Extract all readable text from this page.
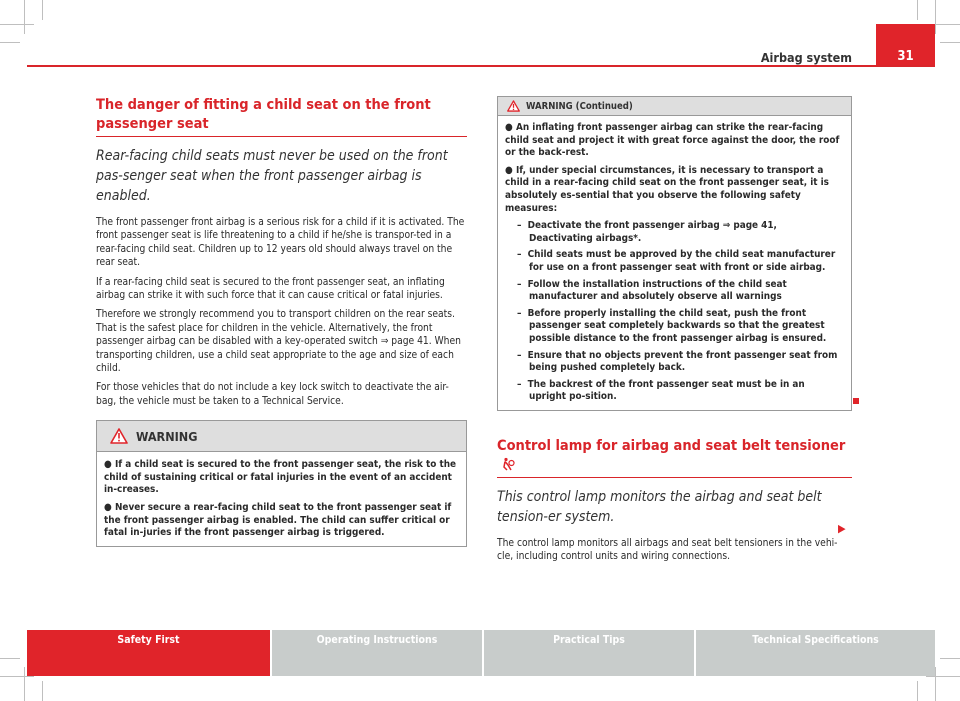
Airbag system	31
The danger of fitting a child seat on the front passenger seat
Rear-facing child seats must never be used on the front pas-senger seat when the front passenger airbag is enabled.

The front passenger front airbag is a serious risk for a child if it is activated. The front passenger seat is life threatening to a child if he/she is transpor-ted in a rear-facing child seat. Children up to 12 years old should always travel on the rear seat.

If a rear-facing child seat is secured to the front passenger seat, an inflating airbag can strike it with such force that it can cause critical or fatal injuries.

Therefore we strongly recommend you to transport children on the rear seats. That is the safest place for children in the vehicle. Alternatively, the front passenger airbag can be disabled with a key-operated switch ⇒ page 41. When transporting children, use a child seat appropriate to the age and size of each child.

For those vehicles that do not include a key lock switch to deactivate the air-bag, the vehicle must be taken to a Technical Service.

WARNING
● If a child seat is secured to the front passenger seat, the risk to the child of sustaining critical or fatal injuries in the event of an accident in-creases.
● Never secure a rear-facing child seat to the front passenger seat if the front passenger airbag is enabled. The child can suffer critical or fatal in-juries if the front passenger airbag is triggered.
WARNING (Continued)
● An inflating front passenger airbag can strike the rear-facing child seat and project it with great force against the door, the roof or the back-rest.
● If, under special circumstances, it is necessary to transport a child in a rear-facing child seat on the front passenger seat, it is absolutely es-sential that you observe the following safety measures:
–  Deactivate the front passenger airbag ⇒ page 41, Deactivating airbags*.
–  Child seats must be approved by the child seat manufacturer for use on a front passenger seat with front or side airbag.
–  Follow the installation instructions of the child seat manufacturer and absolutely observe all warnings
–  Before properly installing the child seat, push the front passenger seat completely backwards so that the greatest possible distance to the front passenger airbag is ensured.
–  Ensure that no objects prevent the front passenger seat from being pushed completely back.
–  The backrest of the front passenger seat must be in an upright po-sition.
Control lamp for airbag and seat belt tensioner
This control lamp monitors the airbag and seat belt tension-er system.

The control lamp monitors all airbags and seat belt tensioners in the vehi-cle, including control units and wiring connections.

▶
Safety First	Operating Instructions	Practical Tips	Technical Specifications
